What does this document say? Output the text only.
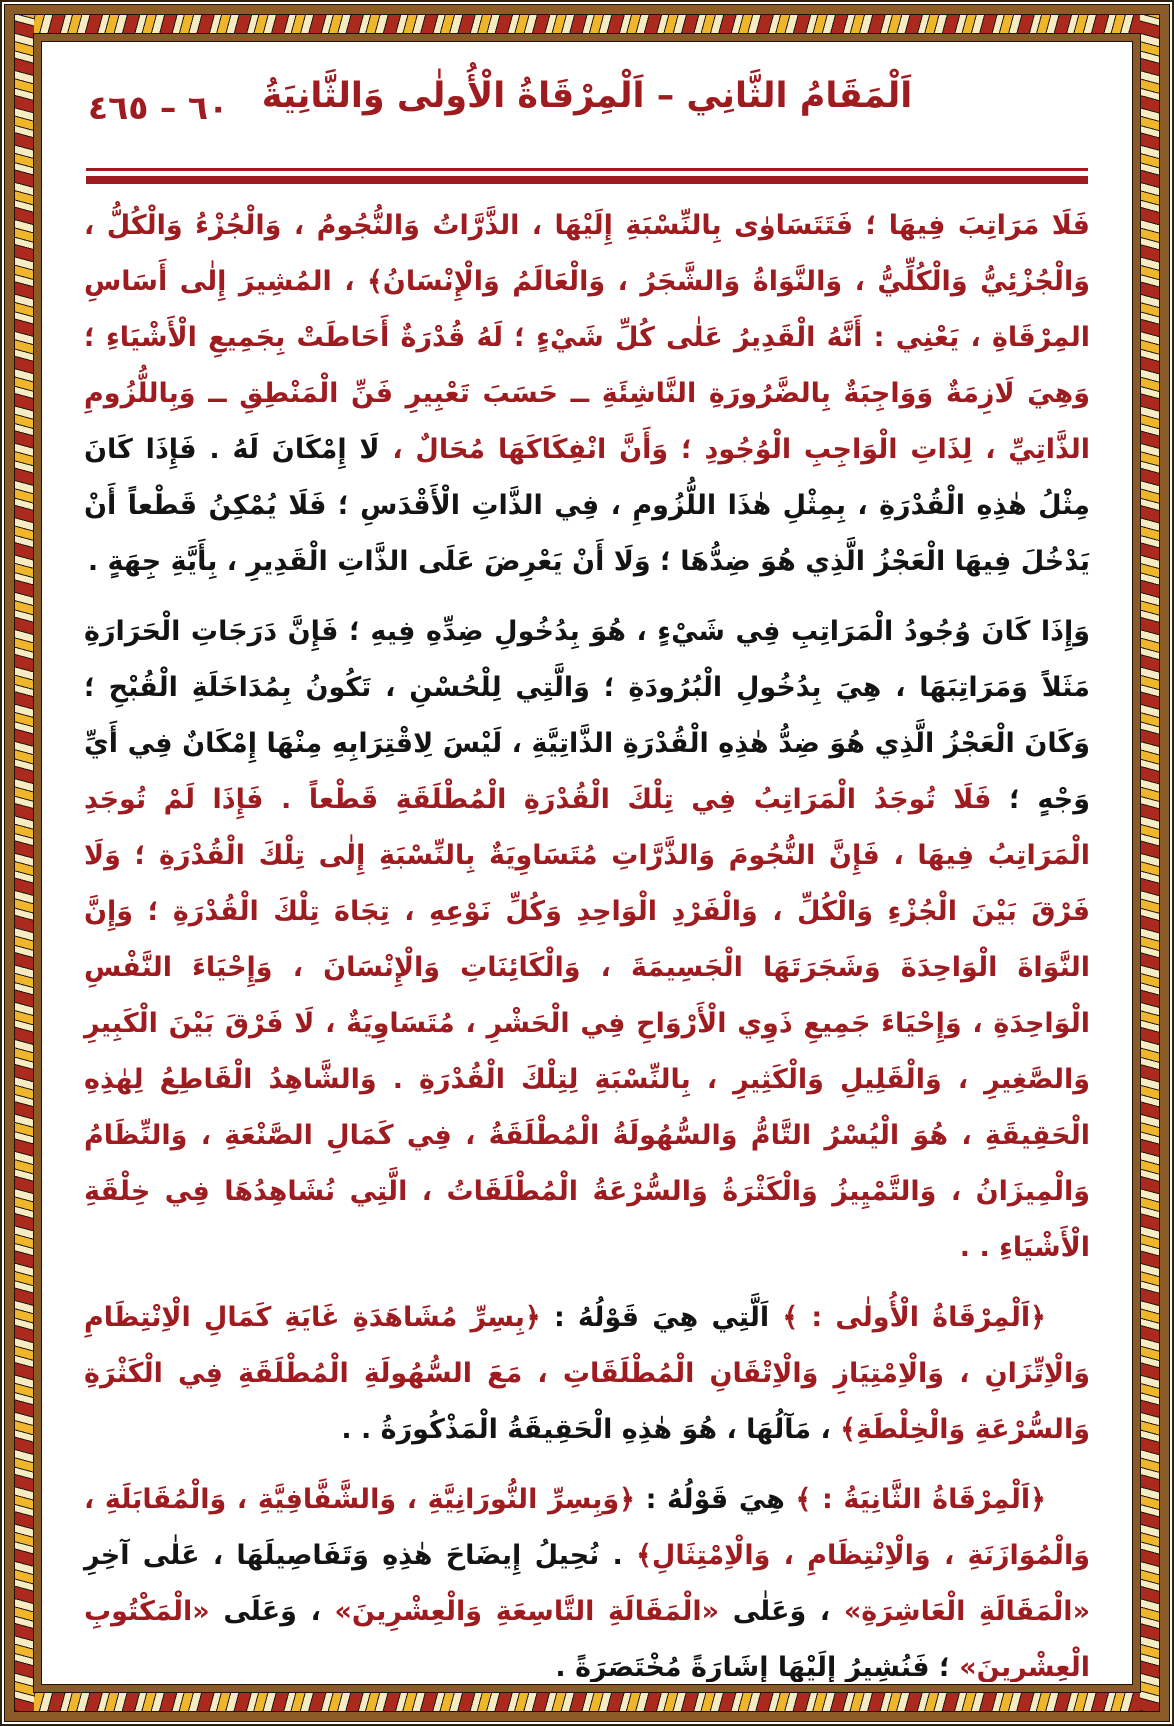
٦٠ – ٤٦٥ اَلْمَقَامُ الثَّانِي – اَلْمِرْقَاةُ الْأُولٰى وَالثَّانِيَةُ

فَلَا مَرَاتِبَ فِيهَا ؛ فَتَتَسَاوٰى بِالنِّسْبَةِ إِلَيْهَا ، الذَّرَّاتُ وَالنُّجُومُ ، وَالْجُزْءُ وَالْكُلُّ ، وَالْجُزْئِيُّ وَالْكُلِّيُّ ، وَالنَّوَاةُ وَالشَّجَرُ ، وَالْعَالَمُ وَالْإِنْسَانُ﴾ ، المُشِيرَ إِلٰى أَسَاسِ المِرْقَاةِ ، يَعْنِي : أَنَّهُ الْقَدِيرُ عَلٰى كُلِّ شَيْءٍ ؛ لَهُ قُدْرَةٌ أَحَاطَتْ بِجَمِيعِ الْأَشْيَاءِ ؛ وَهِيَ لَازِمَةٌ وَوَاجِبَةٌ بِالضَّرُورَةِ النَّاشِئَةِ ــ حَسَبَ تَعْبِيرِ فَنِّ الْمَنْطِقِ ــ وَبِاللُّزُومِ الذَّاتِيِّ ، لِذَاتِ الْوَاجِبِ الْوُجُودِ ؛ وَأَنَّ انْفِكَاكَهَا مُحَالٌ ، لَا إِمْكَانَ لَهُ . فَإِذَا كَانَ مِثْلُ هٰذِهِ الْقُدْرَةِ ، بِمِثْلِ هٰذَا اللُّزُومِ ، فِي الذَّاتِ الْأَقْدَسِ ؛ فَلَا يُمْكِنُ قَطْعاً أَنْ يَدْخُلَ فِيهَا الْعَجْزُ الَّذِي هُوَ ضِدُّهَا ؛ وَلَا أَنْ يَعْرِضَ عَلَى الذَّاتِ الْقَدِيرِ ، بِأَيَّةِ جِهَةٍ .

وَإِذَا كَانَ وُجُودُ الْمَرَاتِبِ فِي شَيْءٍ ، هُوَ بِدُخُولِ ضِدِّهِ فِيهِ ؛ فَإِنَّ دَرَجَاتِ الْحَرَارَةِ مَثَلاً وَمَرَاتِبَهَا ، هِيَ بِدُخُولِ الْبُرُودَةِ ؛ وَالَّتِي لِلْحُسْنِ ، تَكُونُ بِمُدَاخَلَةِ الْقُبْحِ ؛ وَكَانَ الْعَجْزُ الَّذِي هُوَ ضِدُّ هٰذِهِ الْقُدْرَةِ الذَّاتِيَّةِ ، لَيْسَ لِاقْتِرَابِهِ مِنْهَا إِمْكَانٌ فِي أَيِّ وَجْهٍ ؛ فَلَا تُوجَدُ الْمَرَاتِبُ فِي تِلْكَ الْقُدْرَةِ الْمُطْلَقَةِ قَطْعاً . فَإِذَا لَمْ تُوجَدِ الْمَرَاتِبُ فِيهَا ، فَإِنَّ النُّجُومَ وَالذَّرَّاتِ مُتَسَاوِيَةٌ بِالنِّسْبَةِ إِلٰى تِلْكَ الْقُدْرَةِ ؛ وَلَا فَرْقَ بَيْنَ الْجُزْءِ وَالْكُلِّ ، وَالْفَرْدِ الْوَاحِدِ وَكُلِّ نَوْعِهِ ، تِجَاهَ تِلْكَ الْقُدْرَةِ ؛ وَإِنَّ النَّوَاةَ الْوَاحِدَةَ وَشَجَرَتَهَا الْجَسِيمَةَ ، وَالْكَائِنَاتِ وَالْإِنْسَانَ ، وَإِحْيَاءَ النَّفْسِ الْوَاحِدَةِ ، وَإِحْيَاءَ جَمِيعِ ذَوِي الْأَرْوَاحِ فِي الْحَشْرِ ، مُتَسَاوِيَةٌ ، لَا فَرْقَ بَيْنَ الْكَبِيرِ وَالصَّغِيرِ ، وَالْقَلِيلِ وَالْكَثِيرِ ، بِالنِّسْبَةِ لِتِلْكَ الْقُدْرَةِ . وَالشَّاهِدُ الْقَاطِعُ لِهٰذِهِ الْحَقِيقَةِ ، هُوَ الْيُسْرُ التَّامُّ وَالسُّهُولَةُ الْمُطْلَقَةُ ، فِي كَمَالِ الصَّنْعَةِ ، وَالنِّظَامُ وَالْمِيزَانُ ، وَالتَّمْيِيزُ وَالْكَثْرَةُ وَالسُّرْعَةُ الْمُطْلَقَاتُ ، الَّتِي نُشَاهِدُهَا فِي خِلْقَةِ الْأَشْيَاءِ . .

﴿اَلْمِرْقَاةُ الْأُولٰى : ﴾ اَلَّتِي هِيَ قَوْلُهُ : ﴿بِسِرِّ مُشَاهَدَةِ غَايَةِ كَمَالِ الْاِنْتِظَامِ وَالْاِتِّزَانِ ، وَالْاِمْتِيَازِ وَالْاِتْقَانِ الْمُطْلَقَاتِ ، مَعَ السُّهُولَةِ الْمُطْلَقَةِ فِي الْكَثْرَةِ وَالسُّرْعَةِ وَالْخِلْطَةِ﴾ ، مَآلُهَا ، هُوَ هٰذِهِ الْحَقِيقَةُ الْمَذْكُورَةُ . .

﴿اَلْمِرْقَاةُ الثَّانِيَةُ : ﴾ هِيَ قَوْلُهُ : ﴿وَبِسِرِّ النُّورَانِيَّةِ ، وَالشَّفَّافِيَّةِ ، وَالْمُقَابَلَةِ ، وَالْمُوَازَنَةِ ، وَالْاِنْتِظَامِ ، وَالْاِمْتِثَالِ﴾ . نُحِيلُ إِيضَاحَ هٰذِهِ وَتَفَاصِيلَهَا ، عَلٰى آخِرِ «الْمَقَالَةِ الْعَاشِرَةِ» ، وَعَلٰى «الْمَقَالَةِ التَّاسِعَةِ وَالْعِشْرِينَ» ، وَعَلَى «الْمَكْتُوبِ الْعِشْرِينَ» ؛ فَنُشِيرُ إِلَيْهَا إِشَارَةً مُخْتَصَرَةً .
